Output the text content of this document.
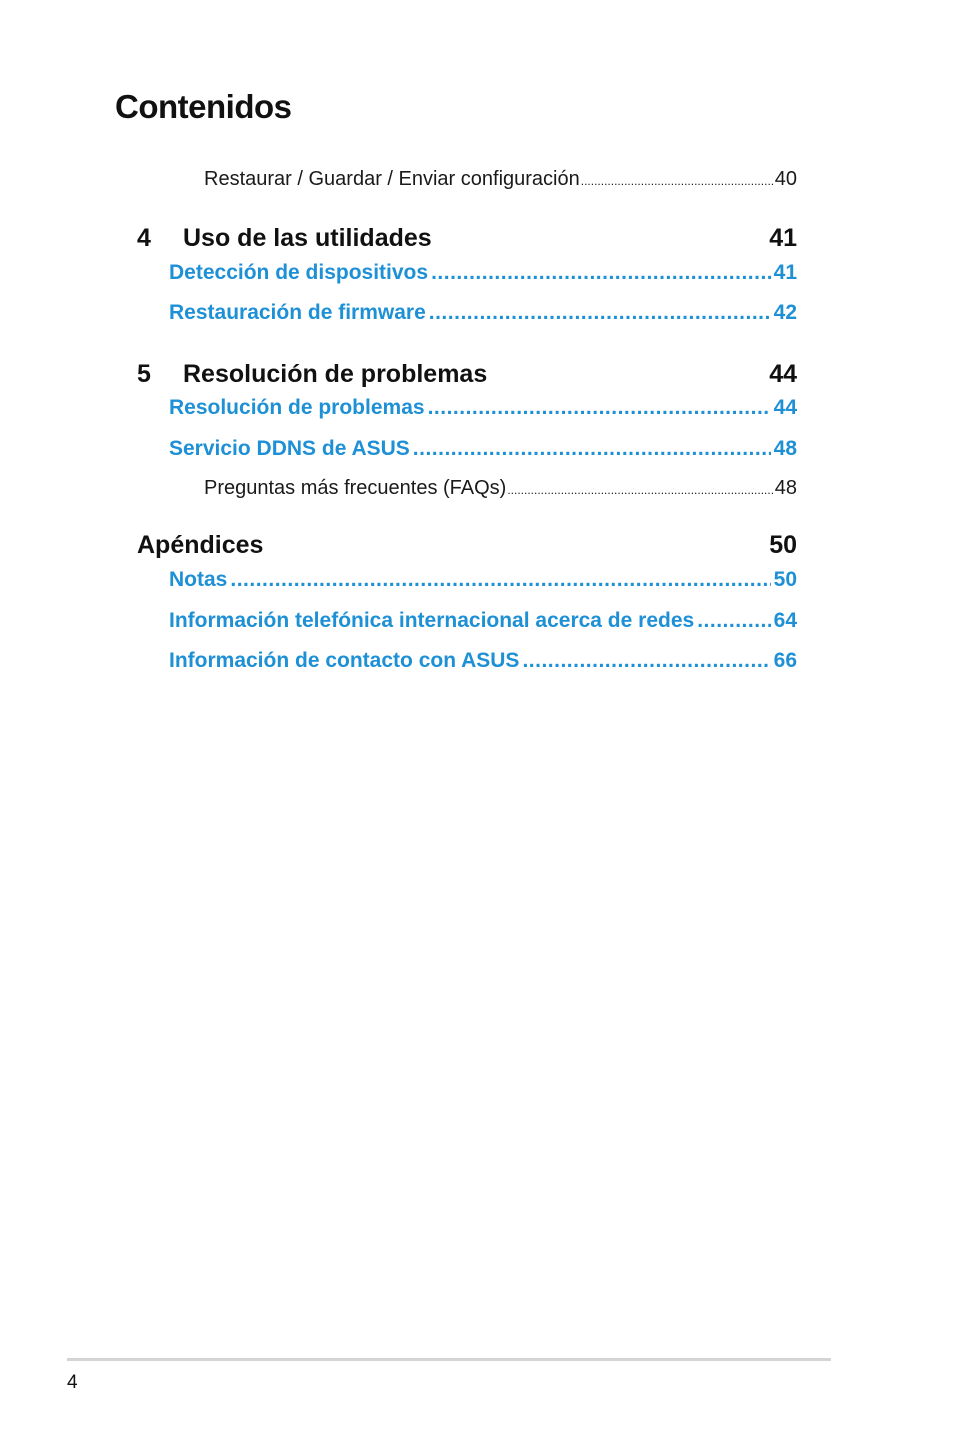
Contenidos
Restaurar / Guardar / Enviar configuración .....	40
4	Uso de las utilidades	41
Detección de dispositivos .....	41
Restauración de firmware .....	42
5	Resolución de problemas	44
Resolución de problemas .....	44
Servicio DDNS de ASUS .....	48
Preguntas más frecuentes (FAQs) .....	48
Apéndices	50
Notas .....	50
Información telefónica internacional acerca de redes .....	64
Información de contacto con ASUS .....	66
4
